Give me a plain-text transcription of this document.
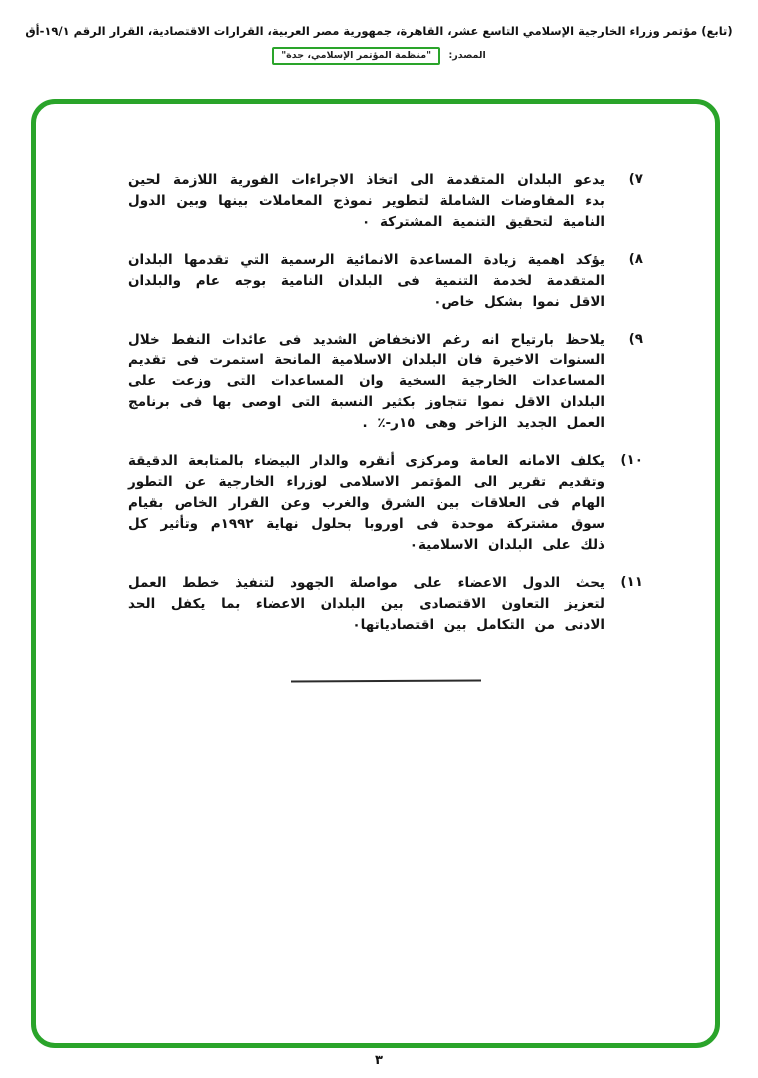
(تابع) مؤتمر وزراء الخارجية الإسلامي التاسع عشر، القاهرة، جمهورية مصر العربية، القرارات الاقتصادية، القرار الرقم ١٩/١-أق
المصدر: "منظمة المؤتمر الإسلامي، جدة"
٧)

يدعو البلدان المتقدمة الى اتخاذ الاجراءات الفورية اللازمة لحين بدء المفاوضات الشاملة لتطوير نموذج المعاملات بينها وبين الدول النامية لتحقيق التنمية المشتركة ٠

٨)

يؤكد اهمية زيادة المساعدة الانمائية الرسمية التي تقدمها البلدان المتقدمة لخدمة التنمية فى البلدان النامية بوجه عام والبلدان الاقل نموا بشكل خاص٠

٩)

يلاحظ بارتياح انه رغم الانخفاض الشديد فى عائدات النفط خلال السنوات الاخيرة فان البلدان الاسلامية المانحة استمرت فى تقديم المساعدات الخارجية السخية وان المساعدات التى وزعت على البلدان الاقل نموا تتجاوز بكثير النسبة التى اوصى بها فى برنامج العمل الجديد الزاخر وهى ١٥ر-٪ .

١٠)

يكلف الامانه العامة ومركزى أنقره والدار البيضاء بالمتابعة الدقيقة وتقديم تقرير الى المؤتمر الاسلامى لوزراء الخارجية عن التطور الهام فى العلاقات بين الشرق والغرب وعن القرار الخاص بقيام سوق مشتركة موحدة فى اوروبا بحلول نهاية ١٩٩٢م وتأثير كل ذلك على البلدان الاسلامية٠

١١)

يحث الدول الاعضاء على مواصلة الجهود لتنفيذ خطط العمل لتعزيز التعاون الاقتصادى بين البلدان الاعضاء بما يكفل الحد الادنى من التكامل بين اقتصادياتها٠

٣
